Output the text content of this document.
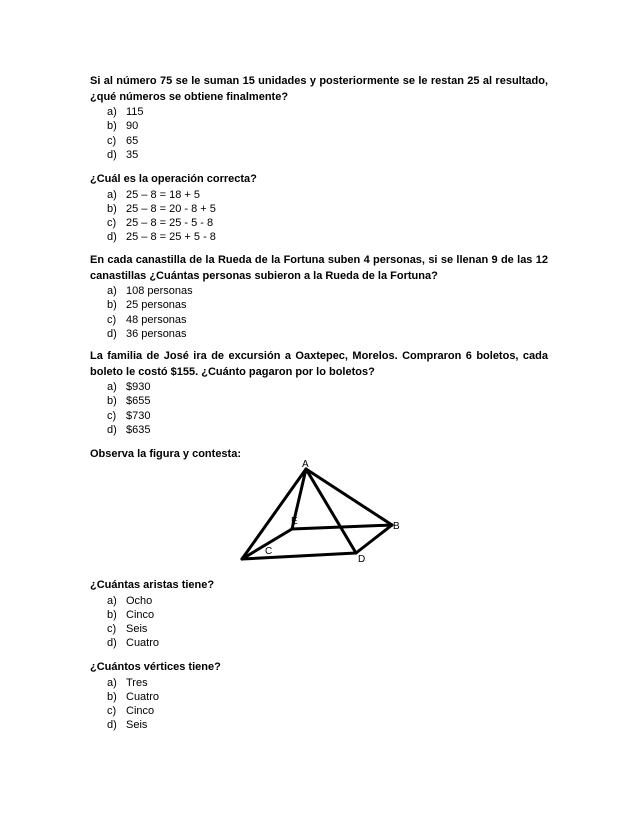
Si al número 75 se le suman 15 unidades y posteriormente se le restan 25 al resultado, ¿qué números se obtiene finalmente?
a) 115
b) 90
c) 65
d) 35
¿Cuál es la operación correcta?
a) 25 – 8 = 18 + 5
b) 25 – 8 = 20 - 8 + 5
c) 25 – 8 = 25 - 5 - 8
d) 25 – 8 = 25 + 5 - 8
En cada canastilla de la Rueda de la Fortuna suben 4 personas, si se llenan 9 de las 12 canastillas ¿Cuántas personas subieron a la Rueda de la Fortuna?
a) 108 personas
b) 25 personas
c) 48 personas
d) 36 personas
La familia de José ira de excursión a Oaxtepec, Morelos. Compraron 6 boletos, cada boleto le costó $155. ¿Cuánto pagaron por lo boletos?
a) $930
b) $655
c) $730
d) $635
Observa la figura y contesta:
A
B
C
D
E
¿Cuántas aristas tiene?
a) Ocho
b) Cinco
c) Seis
d) Cuatro
¿Cuántos vértices tiene?
a) Tres
b) Cuatro
c) Cinco
d) Seis
